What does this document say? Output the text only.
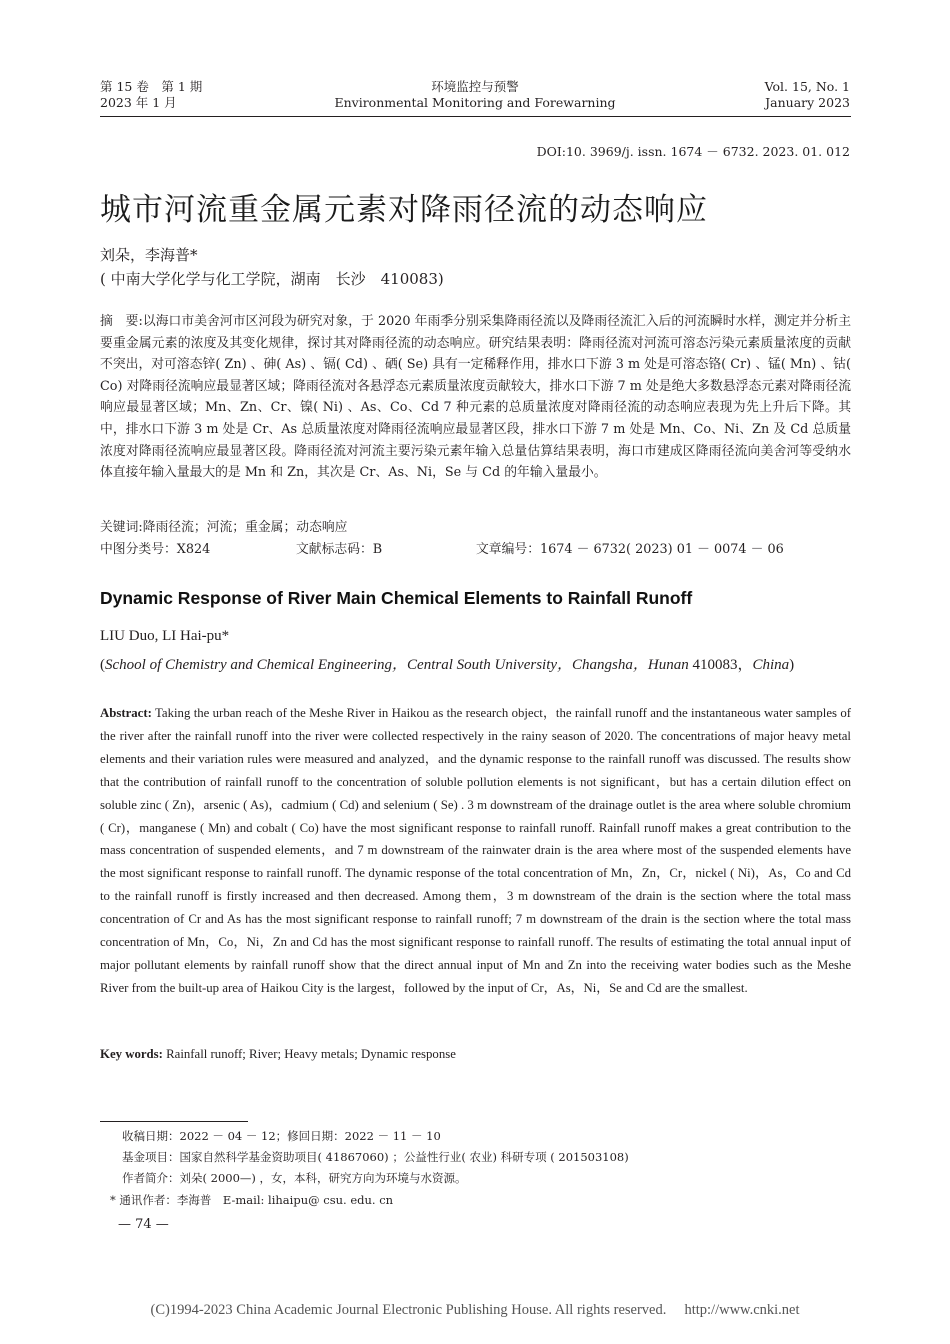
第 15 卷　第 1 期
2023 年 1 月
环境监控与预警
Environmental Monitoring and Forewarning
Vol. 15, No. 1
January 2023
DOI:10. 3969/j. issn. 1674 － 6732. 2023. 01. 012
城市河流重金属元素对降雨径流的动态响应
刘朵，李海普*
( 中南大学化学与化工学院，湖南　长沙　410083)
摘　要:以海口市美舍河市区河段为研究对象，于 2020 年雨季分别采集降雨径流以及降雨径流汇入后的河流瞬时水样，测定并分析主要重金属元素的浓度及其变化规律，探讨其对降雨径流的动态响应。研究结果表明：降雨径流对河流可溶态污染元素质量浓度的贡献不突出，对可溶态锌( Zn) 、砷( As) 、镉( Cd) 、硒( Se) 具有一定稀释作用，排水口下游 3 m 处是可溶态铬( Cr) 、锰( Mn) 、钴( Co) 对降雨径流响应最显著区域；降雨径流对各悬浮态元素质量浓度贡献较大，排水口下游 7 m 处是绝大多数悬浮态元素对降雨径流响应最显著区域；Mn、Zn、Cr、镍( Ni) 、As、Co、Cd 7 种元素的总质量浓度对降雨径流的动态响应表现为先上升后下降。其中，排水口下游 3 m 处是 Cr、As 总质量浓度对降雨径流响应最显著区段，排水口下游 7 m 处是 Mn、Co、Ni、Zn 及 Cd 总质量浓度对降雨径流响应最显著区段。降雨径流对河流主要污染元素年输入总量估算结果表明，海口市建成区降雨径流向美舍河等受纳水体直接年输入量最大的是 Mn 和 Zn，其次是 Cr、As、Ni，Se 与 Cd 的年输入量最小。
关键词:降雨径流；河流；重金属；动态响应
中图分类号：X824	文献标志码：B	文章编号：1674 － 6732( 2023) 01 － 0074 － 06
Dynamic Response of River Main Chemical Elements to Rainfall Runoff
LIU Duo, LI Hai-pu*
(School of Chemistry and Chemical Engineering，Central South University，Changsha，Hunan 410083，China)
Abstract: Taking the urban reach of the Meshe River in Haikou as the research object，the rainfall runoff and the instantaneous water samples of the river after the rainfall runoff into the river were collected respectively in the rainy season of 2020. The concentrations of major heavy metal elements and their variation rules were measured and analyzed，and the dynamic response to the rainfall runoff was discussed. The results show that the contribution of rainfall runoff to the concentration of soluble pollution elements is not significant，but has a certain dilution effect on soluble zinc ( Zn)，arsenic ( As)，cadmium ( Cd) and selenium ( Se) . 3 m downstream of the drainage outlet is the area where soluble chromium ( Cr)，manganese ( Mn) and cobalt ( Co) have the most significant response to rainfall runoff. Rainfall runoff makes a great contribution to the mass concentration of suspended elements，and 7 m downstream of the rainwater drain is the area where most of the suspended elements have the most significant response to rainfall runoff. The dynamic response of the total concentration of Mn，Zn，Cr，nickel ( Ni)，As，Co and Cd to the rainfall runoff is firstly increased and then decreased. Among them，3 m downstream of the drain is the section where the total mass concentration of Cr and As has the most significant response to rainfall runoff; 7 m downstream of the drain is the section where the total mass concentration of Mn，Co，Ni，Zn and Cd has the most significant response to rainfall runoff. The results of estimating the total annual input of major pollutant elements by rainfall runoff show that the direct annual input of Mn and Zn into the receiving water bodies such as the Meshe River from the built-up area of Haikou City is the largest，followed by the input of Cr，As，Ni，Se and Cd are the smallest.
Key words: Rainfall runoff; River; Heavy metals; Dynamic response
收稿日期：2022 － 04 － 12；修回日期：2022 － 11 － 10
基金项目：国家自然科学基金资助项目( 41867060) ；公益性行业( 农业) 科研专项 ( 201503108)
作者简介：刘朵( 2000—) ，女，本科，研究方向为环境与水资源。
* 通讯作者：李海普　E-mail: lihaipu@ csu. edu. cn
— 74 —
(C)1994-2023 China Academic Journal Electronic Publishing House. All rights reserved.　 http://www.cnki.net
